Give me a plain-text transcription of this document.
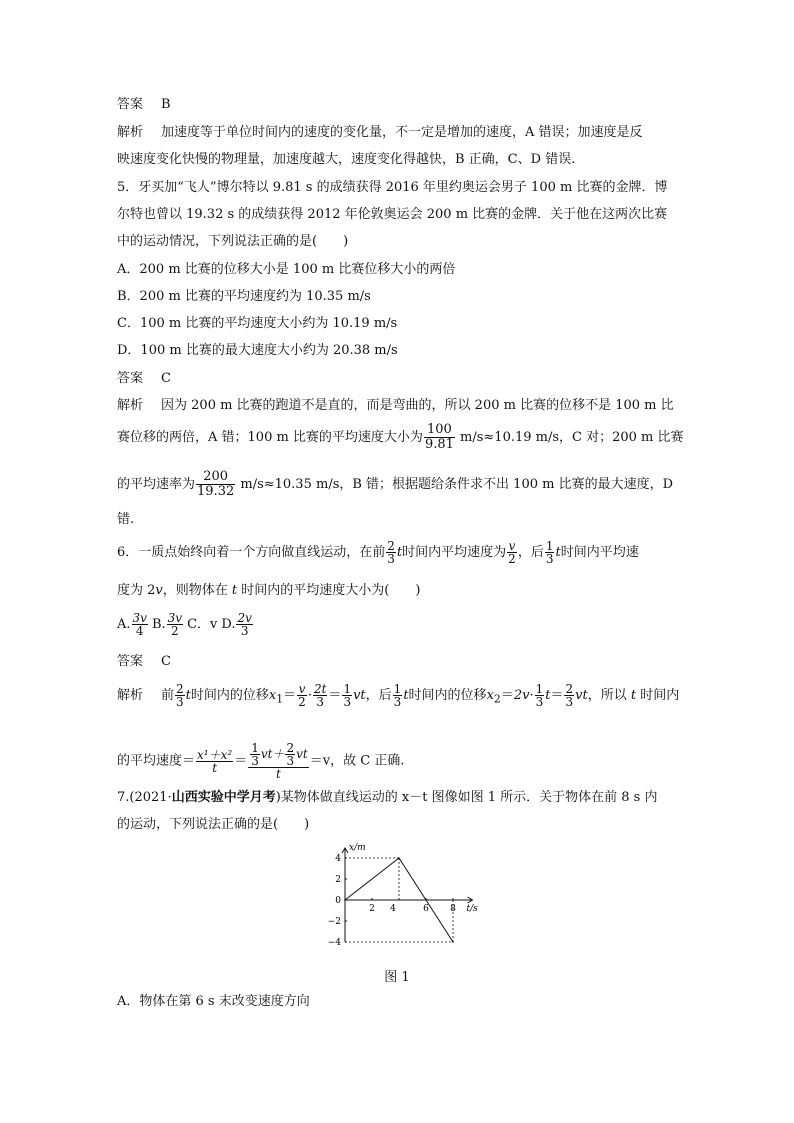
答案 B
解析 加速度等于单位时间内的速度的变化量，不一定是增加的速度，A 错误；加速度是反
映速度变化快慢的物理量，加速度越大，速度变化得越快，B 正确，C、D 错误.
5．牙买加“飞人”博尔特以 9.81 s 的成绩获得 2016 年里约奥运会男子 100 m 比赛的金牌．博
尔特也曾以 19.32 s 的成绩获得 2012 年伦敦奥运会 200 m 比赛的金牌．关于他在这两次比赛
中的运动情况，下列说法正确的是(　　)
A．200 m 比赛的位移大小是 100 m 比赛位移大小的两倍
B．200 m 比赛的平均速度约为 10.35 m/s
C．100 m 比赛的平均速度大小约为 10.19 m/s
D．100 m 比赛的最大速度大小约为 20.38 m/s
答案 C
解析 因为 200 m 比赛的跑道不是直的，而是弯曲的，所以 200 m 比赛的位移不是 100 m 比
赛位移的两倍，A 错；100 m 比赛的平均速度大小为 $\frac{100}{9.81} m/s\approx 10.19$ m/s，C 对；200 m 比赛
的平均速率为 $\frac{200}{19.32} m/s\approx 10.35$ m/s，B 错；根据题给条件求不出 100 m 比赛的最大速度，D
错.
6．一质点始终向着一个方向做直线运动，在前 $\frac{2}{3}$ t时间内平均速度为 $\frac{v}{2}$ ，后 $\frac{1}{3}$ t时间内平均速
度为 2v，则物体在 t 时间内的平均速度大小为(　　)
A. $\frac{3v}{4} B$. $\frac{3v}{2}$ C．v D. $\frac{2v}{3}$
答案 C
解析 前 $\frac{2}{3}$ t时间内的位移$x_1= \frac{v}{2} \cdot \frac{2t}{3} = \frac{1}{3}$ vt，后 $\frac{1}{3}$ t时间内的位移$x_2=2v\cdot \frac{1}{3} t= \frac{2}{3}$ vt，所以 t 时间内
的平均速度＝ $\frac{\text{x¹＋x²}}{t} = \frac{\frac{1}{3} vt+ \frac{2}{3} vt}{t} =v$，故 C 正确.
7.(2021·山西实验中学月考)某物体做直线运动的 x－t 图像如图 1 所示．关于物体在前 8 s 内
的运动，下列说法正确的是(　　)
x/m
t/s
4
2
0
−2
−4
2 4	6 8
图 1
A．物体在第 6 s 末改变速度方向
